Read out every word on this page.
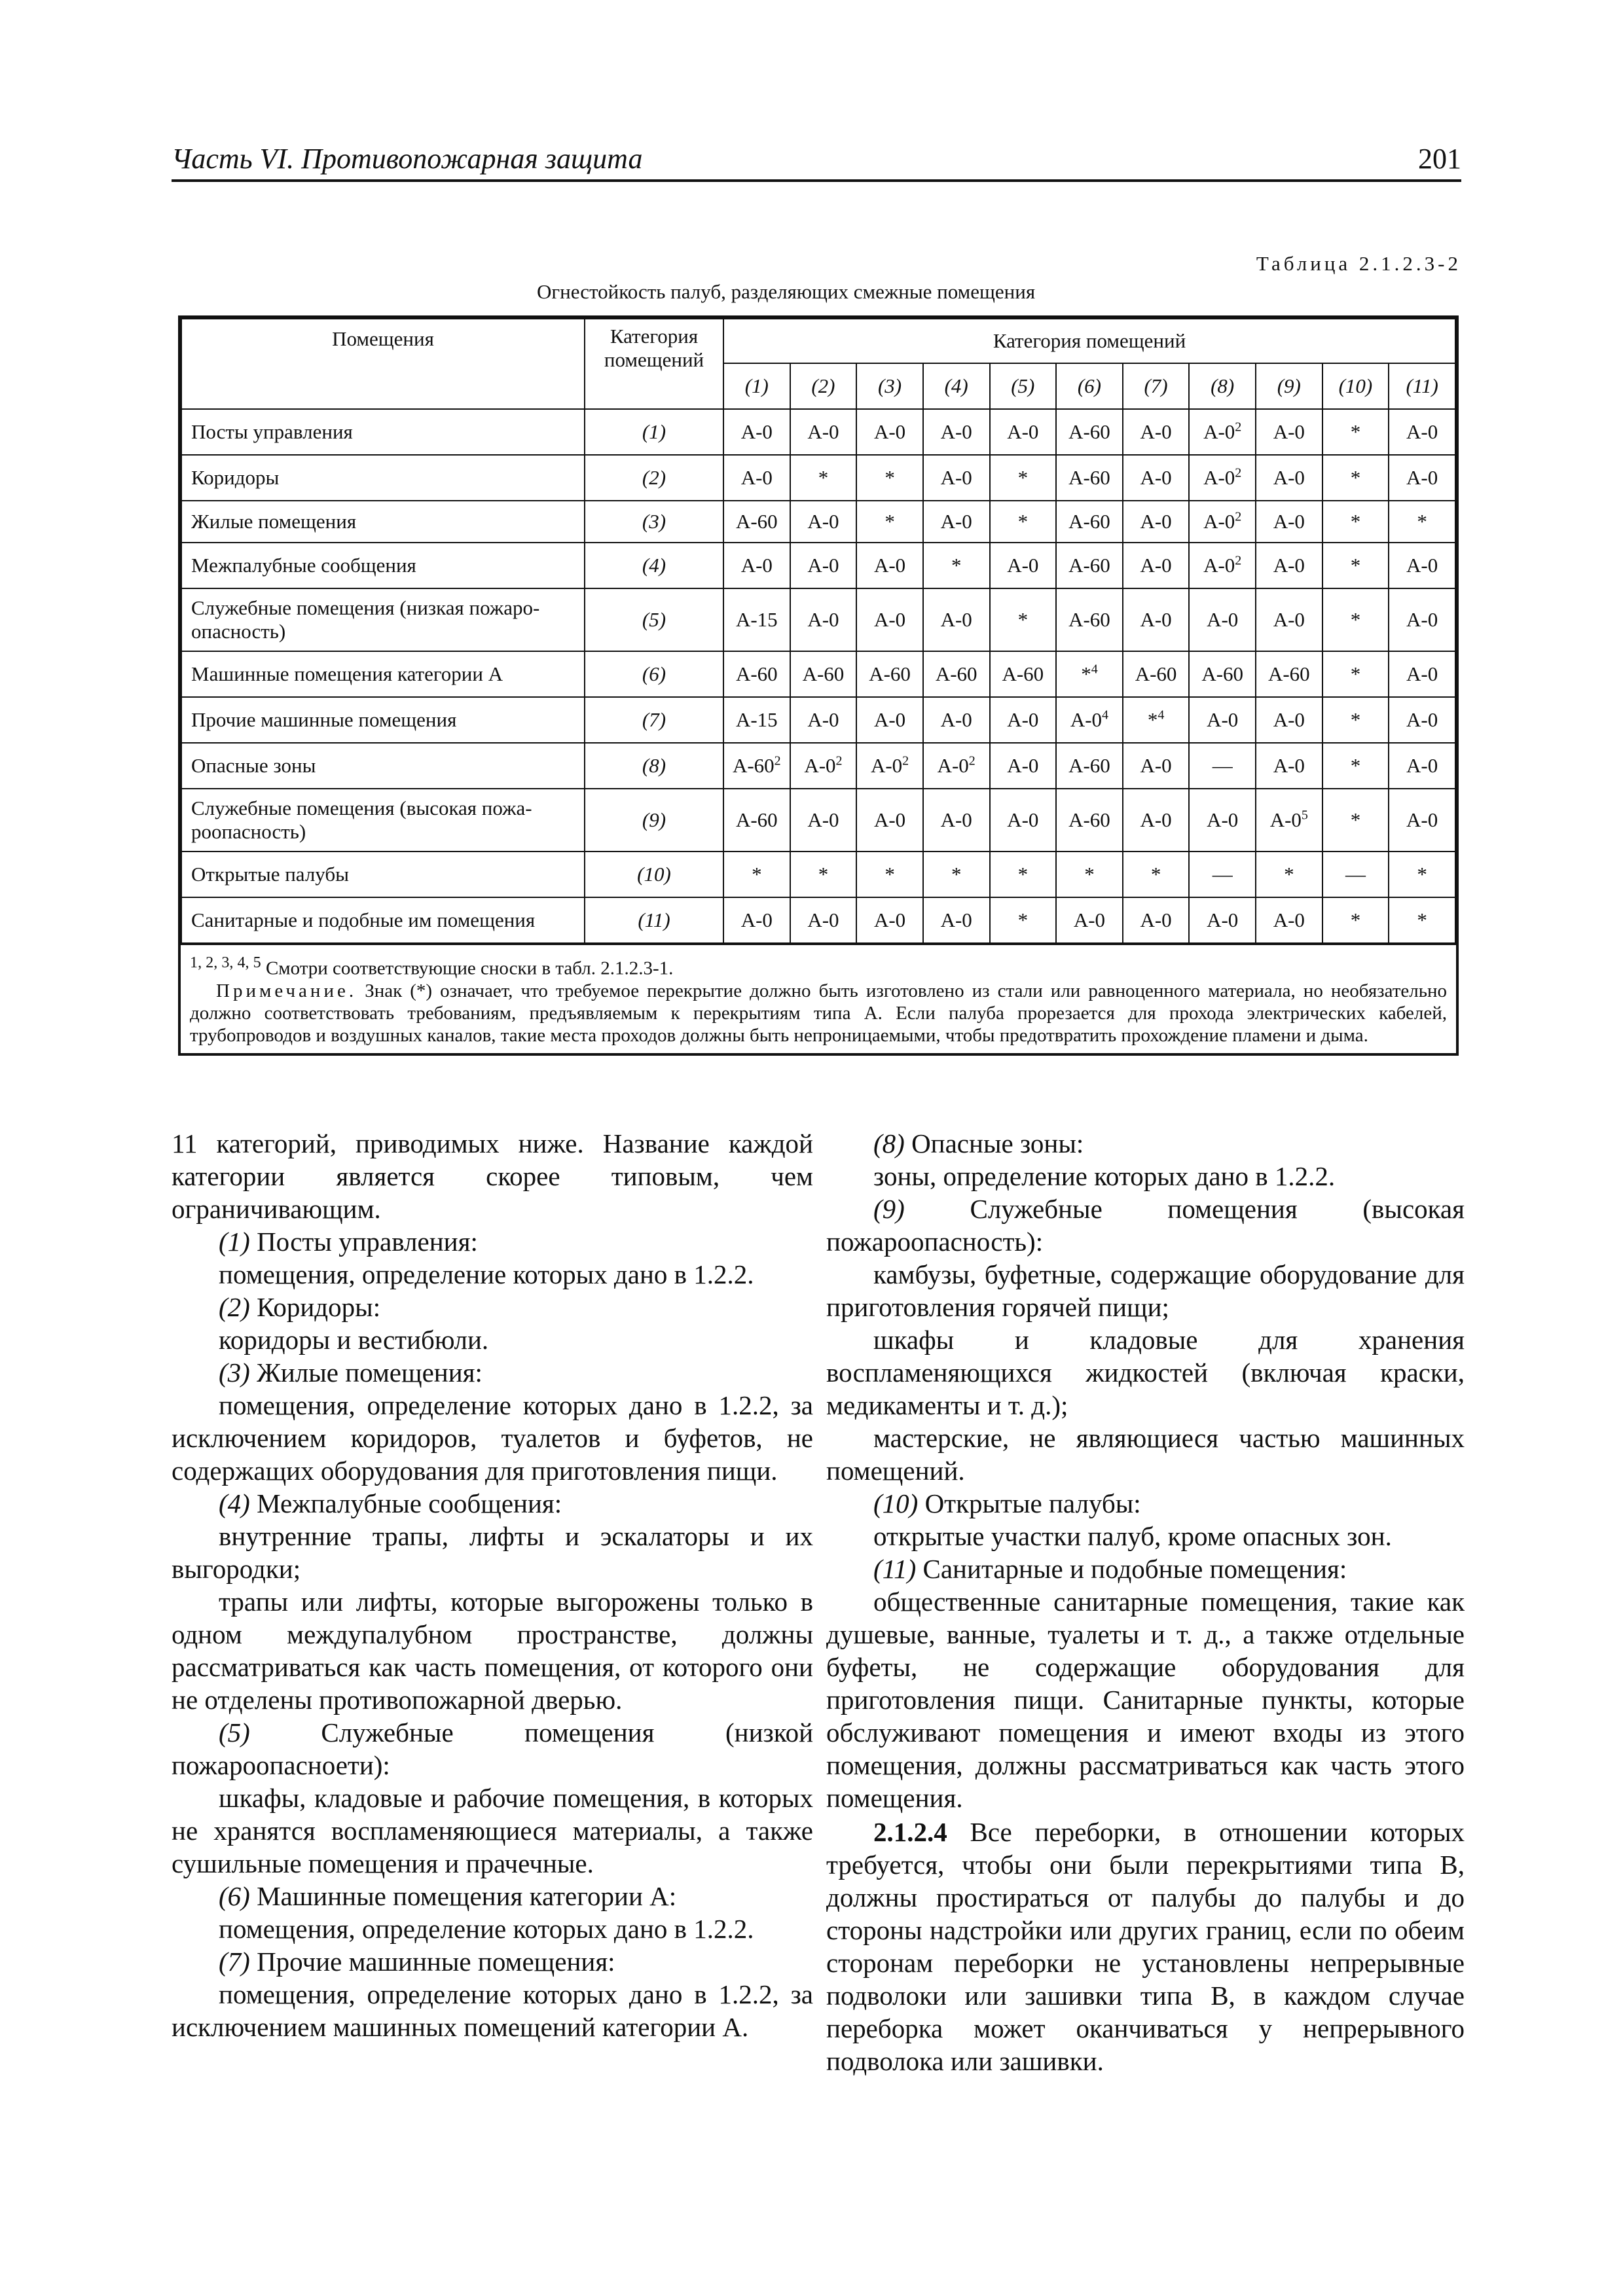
Часть VI. Противопожарная защита	201
Таблица 2.1.2.3-2
Огнестойкость палуб, разделяющих смежные помещения
Помещения	Категория помещений	Категория помещений										
		(1)	(2)	(3)	(4)	(5)	(6)	(7)	(8)	(9)	(10)	(11)
Посты управления	(1)	А-0	А-0	А-0	А-0	А-0	А-60	А-0	$А-0^2$	А-0	*	А-0
Коридоры	(2)	А-0	*	*	А-0	*	А-60	А-0	$А-0^2$	А-0	*	А-0
Жилые помещения	(3)	А-60	А-0	*	А-0	*	А-60	А-0	$А-0^2$	А-0	*	*
Межпалубные сообщения	(4)	А-0	А-0	А-0	*	А-0	А-60	А-0	$А-0^2$	А-0	*	А-0
Служебные помещения (низкая пожаро-опасность)	(5)	А-15	А-0	А-0	А-0	*	А-60	А-0	А-0	А-0	*	А-0
Машинные помещения категории А	(6)	А-60	А-60	А-60	А-60	А-60	*$^4$	А-60	А-60	А-60	*	А-0
Прочие машинные помещения	(7)	А-15	А-0	А-0	А-0	А-0	$А-0^4$	*$^4$	А-0	А-0	*	А-0
Опасные зоны	(8)	$А-60^2$	$А-0^2$	$А-0^2$	$А-0^2$	А-0	А-60	А-0	—	А-0	*	А-0
Служебные помещения (высокая пожа-роопасность)	(9)	А-60	А-0	А-0	А-0	А-0	А-60	А-0	А-0	$А-0^5$	*	А-0
Открытые палубы	(10)	*	*	*	*	*	*	*	—	*	—	*
Санитарные и подобные им помещения	(11)	А-0	А-0	А-0	А-0	*	А-0	А-0	А-0	А-0	*	*

$^{1, 2, 3, 4, 5}$ Смотри соответствующие сноски в табл. 2.1.2.3-1.

Примечание. Знак (*) означает, что требуемое перекрытие должно быть изготовлено из стали или равноценного материала, но необязательно должно соответствовать требованиям, предъявляемым к перекрытиям типа А. Если палуба прорезается для прохода электрических кабелей, трубопроводов и воздушных каналов, такие места проходов должны быть непроницаемыми, чтобы предотвратить прохождение пламени и дыма.

11 категорий, приводимых ниже. Название каждой категории является скорее типовым, чем ограничивающим.

(1) Посты управления:

помещения, определение которых дано в 1.2.2.

(2) Коридоры:

коридоры и вестибюли.

(3) Жилые помещения:

помещения, определение которых дано в 1.2.2, за исключением коридоров, туалетов и буфетов, не содержащих оборудования для приготовления пищи.

(4) Межпалубные сообщения:

внутренние трапы, лифты и эскалаторы и их выгородки;

трапы или лифты, которые выгорожены только в одном междупалубном пространстве, должны рассматриваться как часть помещения, от которого они не отделены противопожарной дверью.

(5)	Служебные помещения (низкой пожароопасноети):

шкафы, кладовые и рабочие помещения, в которых не хранятся воспламеняющиеся материалы, а также сушильные помещения и прачечные.

(6) Машинные помещения категории А:

помещения, определение которых дано в 1.2.2.

(7) Прочие машинные помещения:

помещения, определение которых дано в 1.2.2, за исключением машинных помещений категории А.

(8) Опасные зоны:

зоны, определение которых дано в 1.2.2.

(9) Служебные помещения (высокая пожароопасность):

камбузы, буфетные, содержащие оборудование для приготовления горячей пищи;

шкафы и кладовые для хранения воспламеняющихся жидкостей (включая краски, медикаменты и т. д.);

мастерские, не являющиеся частью машинных помещений.

(10) Открытые палубы:

открытые участки палуб, кроме опасных зон.

(11) Санитарные и подобные помещения:

общественные санитарные помещения, такие как душевые, ванные, туалеты и т. д., а также отдельные буфеты, не содержащие оборудования для приготовления пищи. Санитарные пункты, которые обслуживают помещения и имеют входы из этого помещения, должны рассматриваться как часть этого помещения.

2.1.2.4 Все переборки, в отношении которых требуется, чтобы они были перекрытиями типа В, должны простираться от палубы до палубы и до стороны надстройки или других границ, если по обеим сторонам переборки не установлены непрерывные подволоки или зашивки типа В, в каждом случае переборка может оканчиваться у непрерывного подволока или зашивки.
